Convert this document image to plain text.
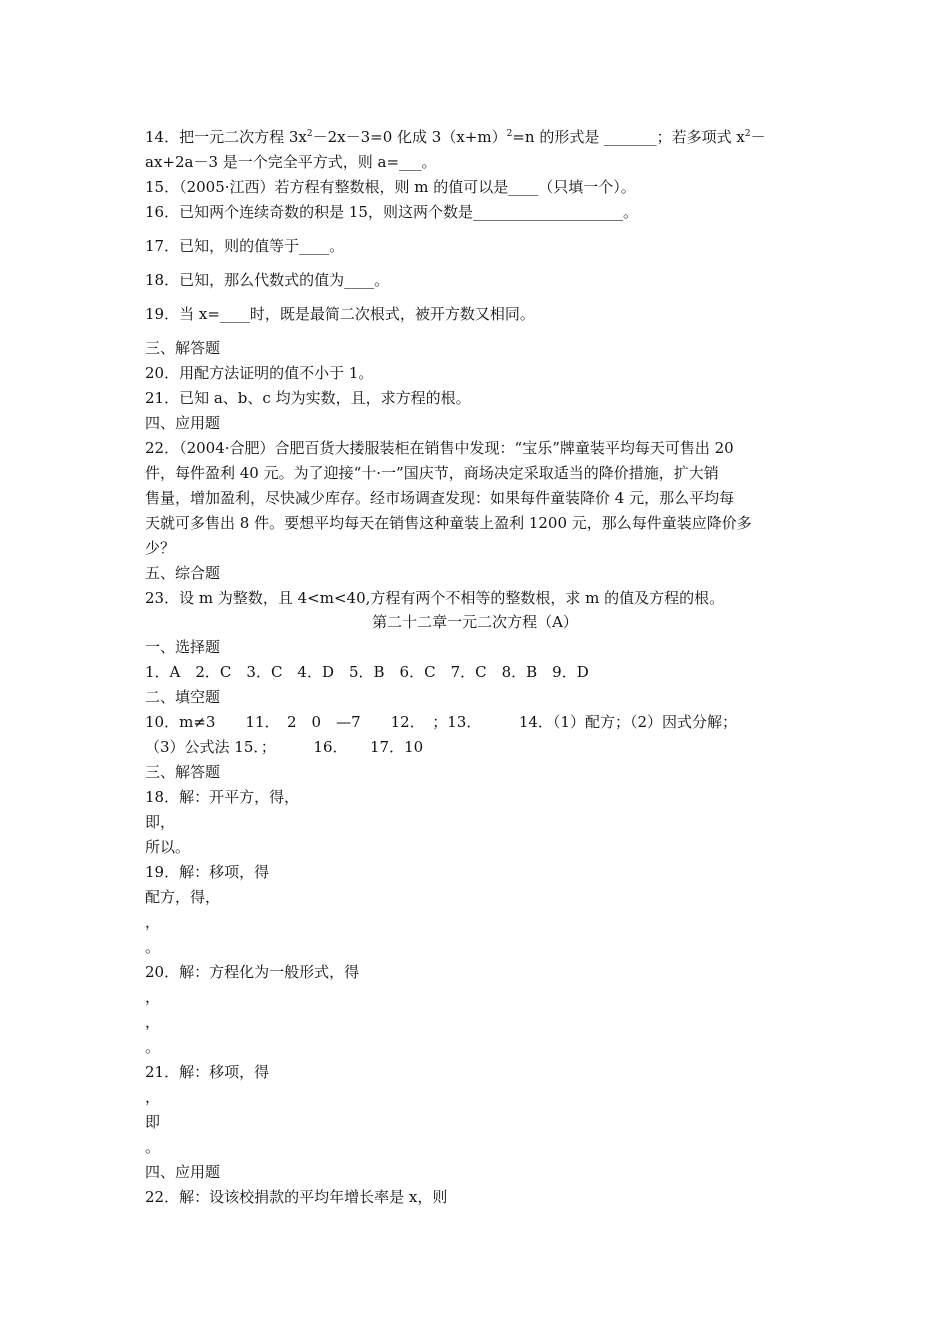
14．把一元二次方程 $3x^2-2x-3=0$ 化成 $3(x+m)^2=n$ 的形式是 _______；若多项式 $x^2-$
ax+2a－3 是一个完全平方式，则 a=___。
15．（2005·江西）若方程有整数根，则 m 的值可以是____（只填一个）。
16．已知两个连续奇数的积是 15，则这两个数是____________________。
17．已知，则的值等于____。
18．已知，那么代数式的值为____。
19．当 x=____时，既是最简二次根式，被开方数又相同。
三、解答题
20．用配方法证明的值不小于 1。
21．已知 a、b、c 均为实数，且，求方程的根。
四、应用题
22．（2004·合肥）合肥百货大搂服装柜在销售中发现：“宝乐”牌童装平均每天可售出 20
件，每件盈利 40 元。为了迎接“十·一”国庆节，商场决定采取适当的降价措施，扩大销
售量，增加盈利，尽快减少库存。经市场调查发现：如果每件童装降价 4 元，那么平均每
天就可多售出 8 件。要想平均每天在销售这种童装上盈利 1200 元，那么每件童装应降价多
少？
五、综合题
23．设 m 为整数，且 4<m<40,方程有两个不相等的整数根，求 m 的值及方程的根。
第二十二章一元二次方程（A）
一、选择题
1．A　2．C　3．C　4．D　5．B　6．C　7．C　8．B　9．D
二、填空题
10．m≠3　　11．　2　0　—7　　12．　；13．　　　14．（1）配方；（2）因式分解；
（3）公式法 15．；　　　16．　　17．10
三、解答题
18．解：开平方，得，
即，
所以。
19．解：移项，得
配方，得，
，
。
20．解：方程化为一般形式，得
，
，
。
21．解：移项，得
，
即
。
四、应用题
22．解：设该校捐款的平均年增长率是 x，则
